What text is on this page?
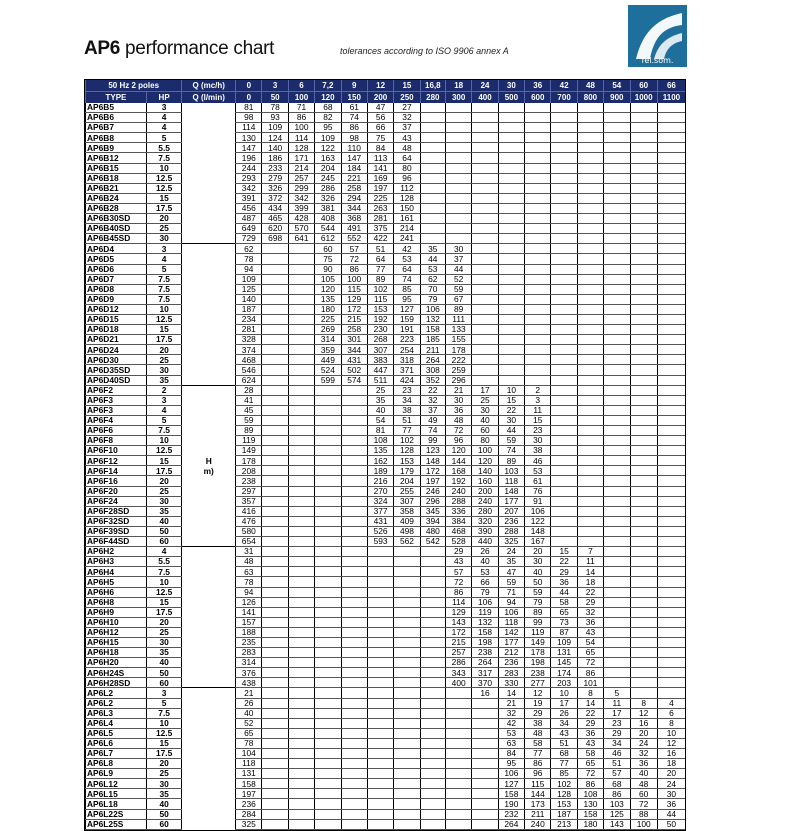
AP6 performance chart	tolerances according to ISO 9906 annex A
fel.som.
50 Hz 2 poles		Q (mc/h)	0	3	6	7,2	9	12	15	16,8	18	24	30	36	42	48	54	60	66
TYPE	HP	Q (l/min)	0	50	100	120	150	200	250	280	300	400	500	600	700	800	900	1000	1100
AP6B5	3		81	78	71	68	61	47	27										
AP6B6	4		98	93	86	82	74	56	32										
AP6B7	4		114	109	100	95	86	66	37										
AP6B8	5		130	124	114	109	98	75	43										
AP6B9	5.5		147	140	128	122	110	84	48										
AP6B12	7.5		196	186	171	163	147	113	64										
AP6B15	10		244	233	214	204	184	141	80										
AP6B18	12.5		293	279	257	245	221	169	96										
AP6B21	12.5		342	326	299	286	258	197	112										
AP6B24	15		391	372	342	326	294	225	128										
AP6B28	17.5		456	434	399	381	344	263	150										
AP6B30SD	20		487	465	428	408	368	281	161										
AP6B40SD	25		649	620	570	544	491	375	214										
AP6B45SD	30		729	698	641	612	552	422	241										
AP6D4	3		62			60	57	51	42	35	30								
AP6D5	4		78			75	72	64	53	44	37								
AP6D6	5		94			90	86	77	64	53	44								
AP6D7	7.5		109			105	100	89	74	62	52								
AP6D8	7.5		125			120	115	102	85	70	59								
AP6D9	7.5		140			135	129	115	95	79	67								
AP6D12	10		187			180	172	153	127	106	89								
AP6D15	12.5		234			225	215	192	159	132	111								
AP6D18	15		281			269	258	230	191	158	133								
AP6D21	17.5		328			314	301	268	223	185	155								
AP6D24	20		374			359	344	307	254	211	178								
AP6D30	25		468			449	431	383	318	264	222								
AP6D35SD	30		546			524	502	447	371	308	259								
AP6D40SD	35		624			599	574	511	424	352	296								
AP6F2	2		28					25	23	22	21	17	10	2					
AP6F3	3		41					35	34	32	30	25	15	3					
AP6F3	4		45					40	38	37	36	30	22	11					
AP6F4	5		59					54	51	49	48	40	30	15					
AP6F6	7.5		89					81	77	74	72	60	44	23					
AP6F8	10		119					108	102	99	96	80	59	30					
AP6F10	12.5		149					135	128	123	120	100	74	38					
AP6F12	15	H	178					162	153	148	144	120	89	46					
AP6F14	17.5	m)	208					189	179	172	168	140	103	53					
AP6F16	20		238					216	204	197	192	160	118	61					
AP6F20	25		297					270	255	246	240	200	148	76					
AP6F24	30		357					324	307	296	288	240	177	91					
AP6F28SD	35		416					377	358	345	336	280	207	106					
AP6F32SD	40		476					431	409	394	384	320	236	122					
AP6F39SD	50		580					526	498	480	468	390	288	148					
AP6F44SD	60		654					593	562	542	528	440	325	167					
AP6H2	4		31								29	26	24	20	15	7			
AP6H3	5.5		48								43	40	35	30	22	11			
AP6H4	7.5		63								57	53	47	40	29	14			
AP6H5	10		78								72	66	59	50	36	18			
AP6H6	12.5		94								86	79	71	59	44	22			
AP6H8	15		126								114	106	94	79	58	29			
AP6H9	17.5		141								129	119	106	89	65	32			
AP6H10	20		157								143	132	118	99	73	36			
AP6H12	25		188								172	158	142	119	87	43			
AP6H15	30		235								215	198	177	149	109	54			
AP6H18	35		283								257	238	212	178	131	65			
AP6H20	40		314								286	264	236	198	145	72			
AP6H24S	50		376								343	317	283	238	174	86			
AP6H28SD	60		438								400	370	330	277	203	101			
AP6L2	3		21									16	14	12	10	8	5		
AP6L2	5		26										21	19	17	14	11	8	4
AP6L3	7.5		40										32	29	26	22	17	12	6
AP6L4	10		52										42	38	34	29	23	16	8
AP6L5	12.5		65										53	48	43	36	29	20	10
AP6L6	15		78										63	58	51	43	34	24	12
AP6L7	17.5		104										84	77	68	58	46	32	16
AP6L8	20		118										95	86	77	65	51	36	18
AP6L9	25		131										106	96	85	72	57	40	20
AP6L12	30		158										127	115	102	86	68	48	24
AP6L15	35		197										158	144	128	108	86	60	30
AP6L18	40		236										190	173	153	130	103	72	36
AP6L22S	50		284										232	211	187	158	125	88	44
AP6L25S	60		325										264	240	213	180	143	100	50
